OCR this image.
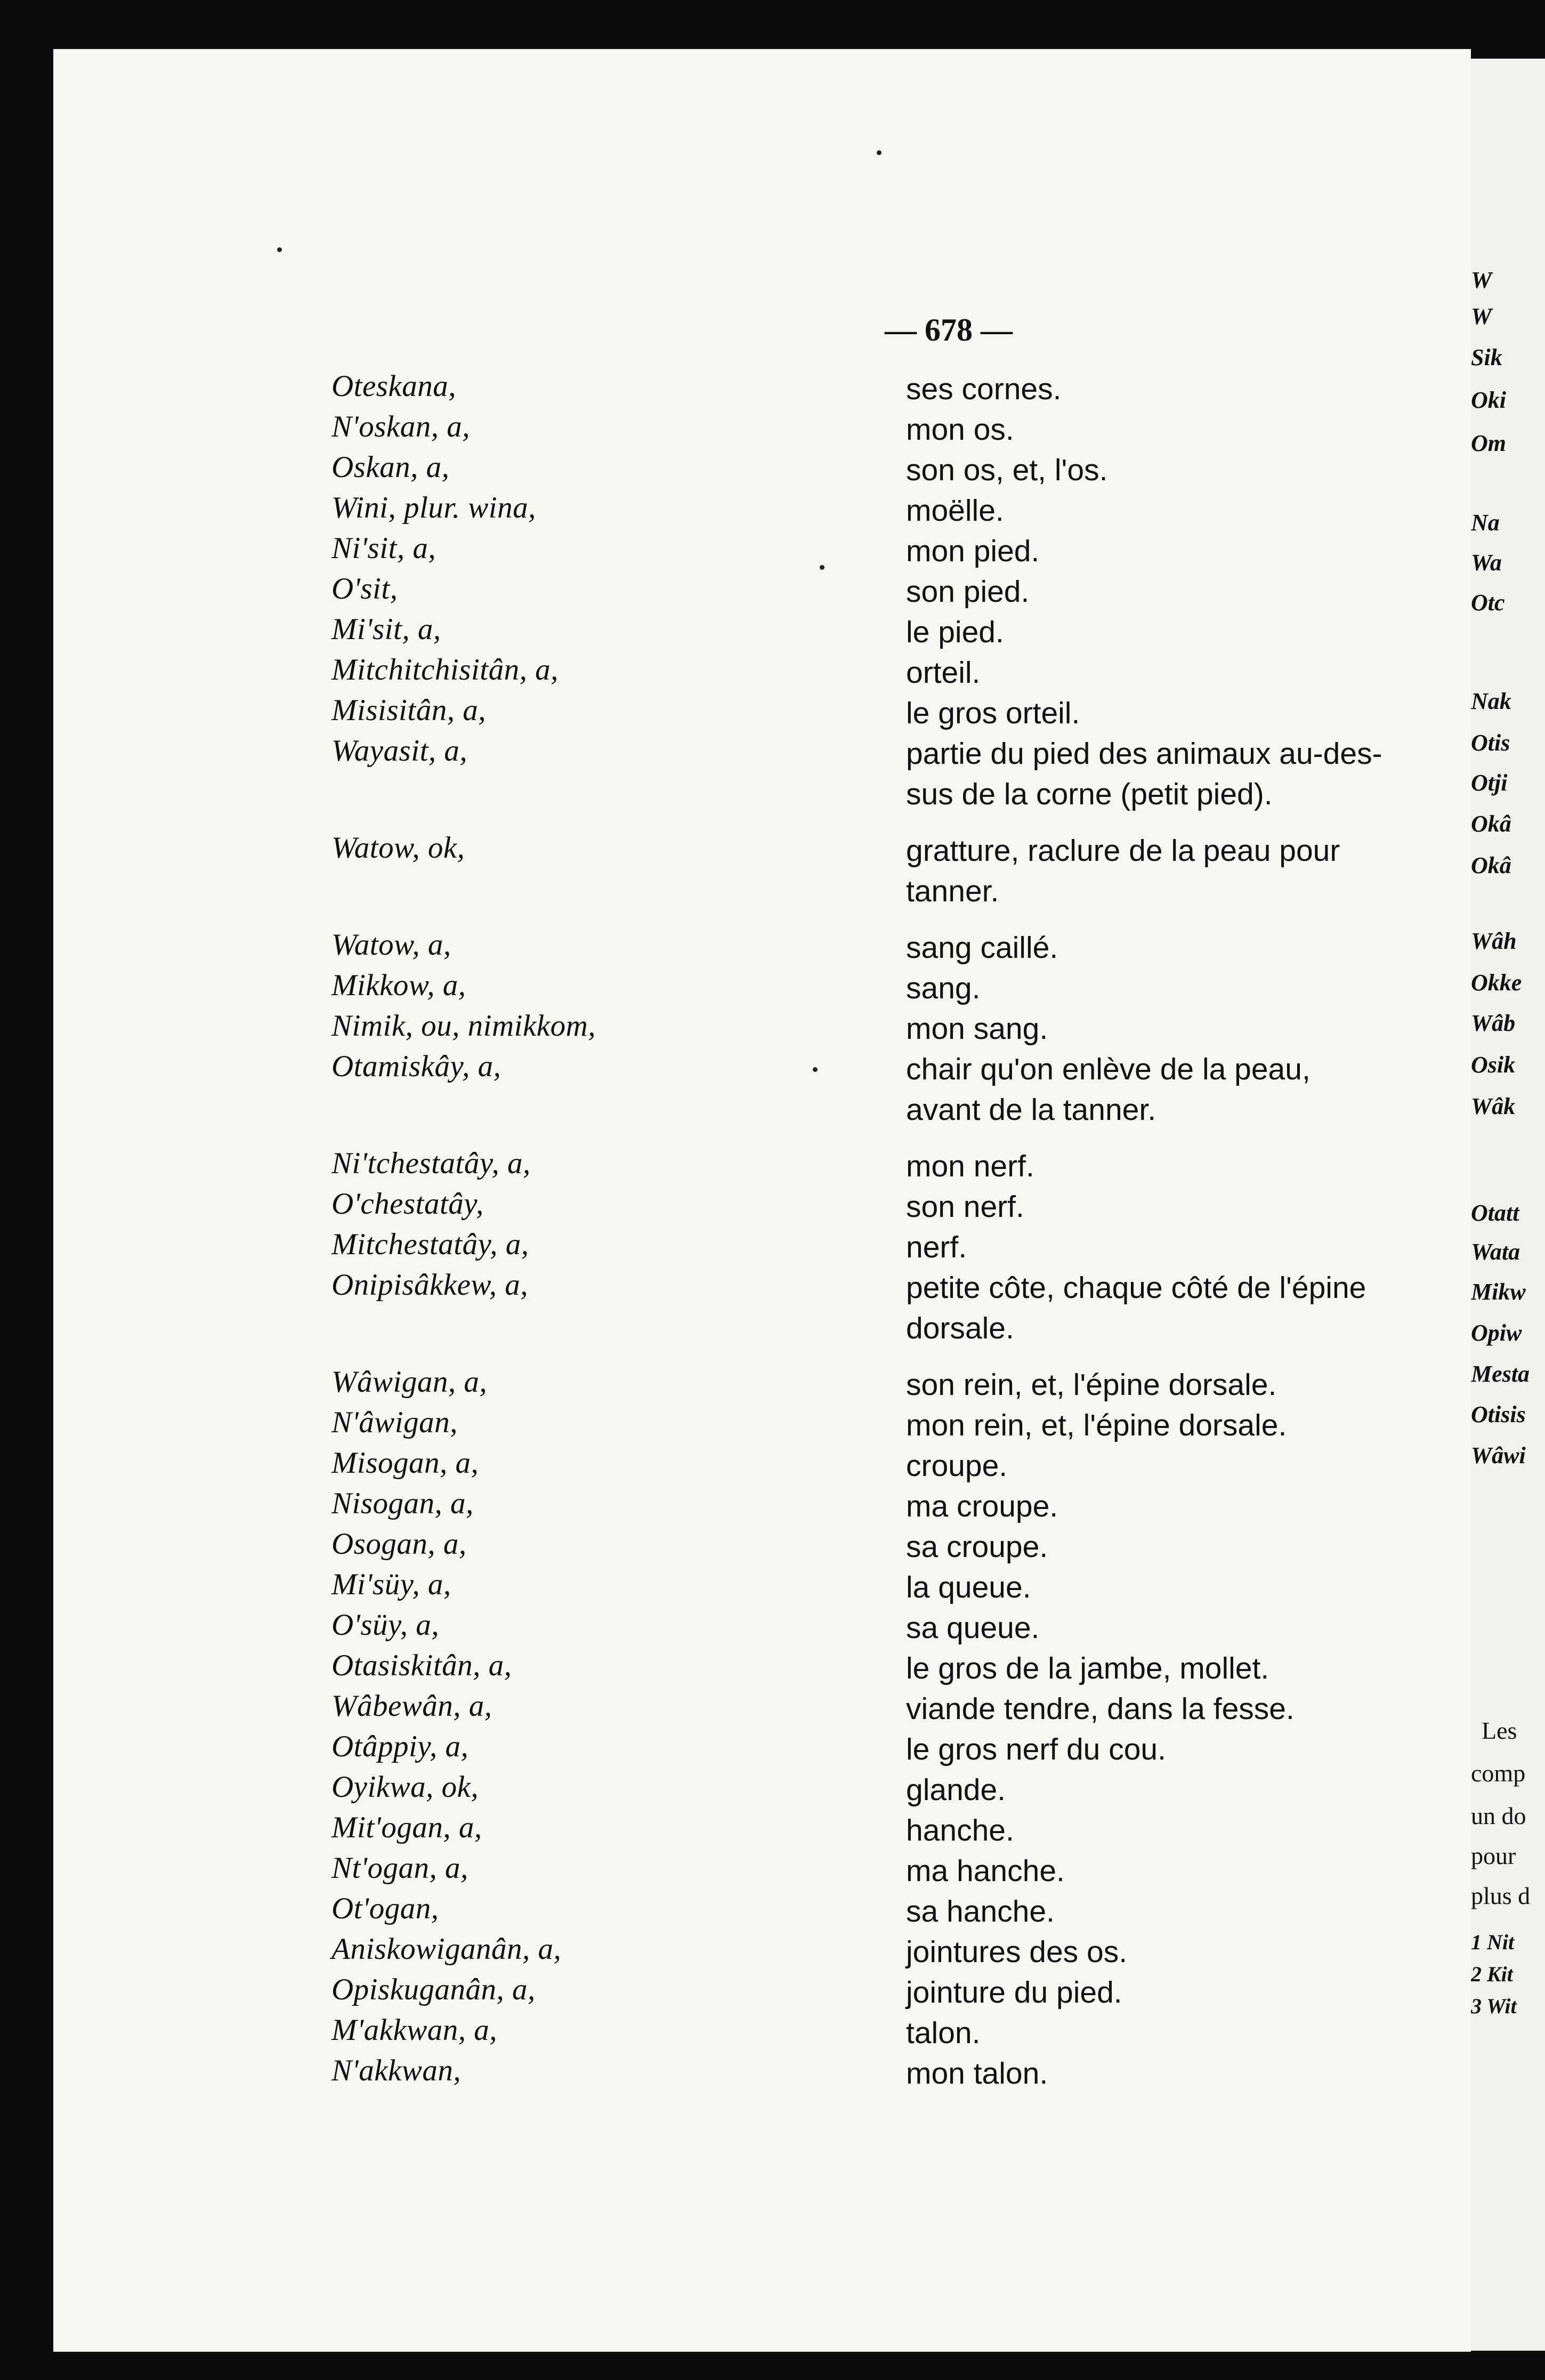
— 678 —
Oteskana,	ses cornes.
N'oskan, a,	mon os.
Oskan, a,	son os, et, l'os.
Wini, plur. wina,	moëlle.
Ni'sit, a,	mon pied.
O'sit,	son pied.
Mi'sit, a,	le pied.
Mitchitchisitân, a,	orteil.
Misisitân, a,	le gros orteil.
Wayasit, a,	partie du pied des animaux au-des-
sus de la corne (petit pied).
Watow, ok,	gratture, raclure de la peau pour
tanner.
Watow, a,	sang caillé.
Mikkow, a,	sang.
Nimik, ou, nimikkom,	mon sang.
Otamiskây, a,	chair qu'on enlève de la peau,
avant de la tanner.
Ni'tchestatây, a,	mon nerf.
O'chestatây,	son nerf.
Mitchestatây, a,	nerf.
Onipisâkkew, a,	petite côte, chaque côté de l'épine
dorsale.
Wâwigan, a,	son rein, et, l'épine dorsale.
N'âwigan,	mon rein, et, l'épine dorsale.
Misogan, a,	croupe.
Nisogan, a,	ma croupe.
Osogan, a,	sa croupe.
Mi'süy, a,	la queue.
O'süy, a,	sa queue.
Otasiskitân, a,	le gros de la jambe, mollet.
Wâbewân, a,	viande tendre, dans la fesse.
Otâppiy, a,	le gros nerf du cou.
Oyikwa, ok,	glande.
Mit'ogan, a,	hanche.
Nt'ogan, a,	ma hanche.
Ot'ogan,	sa hanche.
Aniskowiganân, a,	jointures des os.
Opiskuganân, a,	jointure du pied.
M'akkwan, a,	talon.
N'akkwan,	mon talon.
W
W
Sik
Oki
Om
Na
Wa
Otc
Nak
Otis
Otji
Okâ
Okâ
Wâh
Okke
Wâb
Osik
Wâk
Otatt
Wata
Mikw
Opiw
Mesta
Otisis
Wâwi
Les
comp
un do
pour
plus d
1 Nit
2 Kit
3 Wit
